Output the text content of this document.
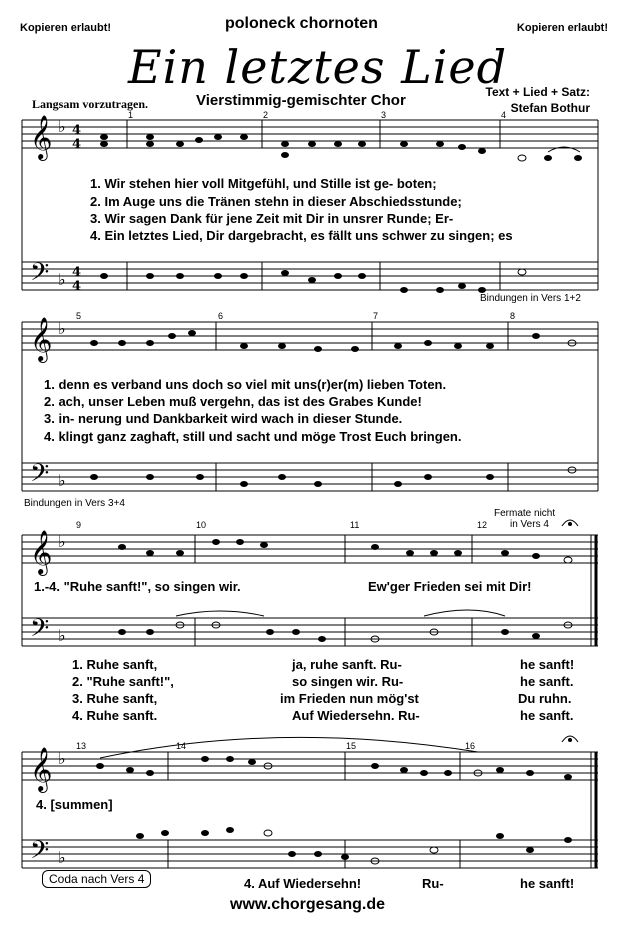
Kopieren erlaubt!	poloneck chornoten	Kopieren erlaubt!
Ein letztes Lied
Vierstimmig-gemischter Chor	Text + Lied + Satz:
Stefan Bothur
Langsam vorzutragen.
𝄞
𝄢
𝄞
𝄢
𝄞
𝄢
𝄞
𝄢
♭
♭
♭
♭
♭
♭
♭
♭
4
4
4
4
1	2	3	4
5	6	7	8
9	10	11	12
13	14	15	16
1. Wir stehen hier voll Mitgefühl, und Stille ist ge- boten;
2. Im Auge uns die Tränen stehn in dieser Abschiedsstunde;
3. Wir sagen Dank für jene Zeit mit Dir in unsrer Runde; Er-
4. Ein letztes Lied, Dir dargebracht, es fällt uns schwer zu singen; es
Bindungen in Vers 1+2
1. denn es verband uns doch so viel mit uns(r)er(m) lieben Toten.
2. ach, unser Leben muß vergehn, das ist des Grabes Kunde!
3. in- nerung und Dankbarkeit wird wach in dieser Stunde.
4. klingt ganz zaghaft, still und sacht und möge Trost Euch bringen.
Bindungen in Vers 3+4
1.-4. "Ruhe sanft!", so singen wir.	Ew'ger Frieden sei mit Dir!
Fermate nicht
in Vers 4
1. Ruhe sanft,	ja, ruhe sanft. Ru-	he sanft!
2. "Ruhe sanft!",	so singen wir. Ru-	he sanft.
3. Ruhe sanft,	im Frieden nun mög'st	Du ruhn.
4. Ruhe sanft.	Auf Wiedersehn. Ru-	he sanft.
4. [summen]
4. Auf Wiedersehn!	Ru-	he sanft!
Coda nach Vers 4
www.chorgesang.de
